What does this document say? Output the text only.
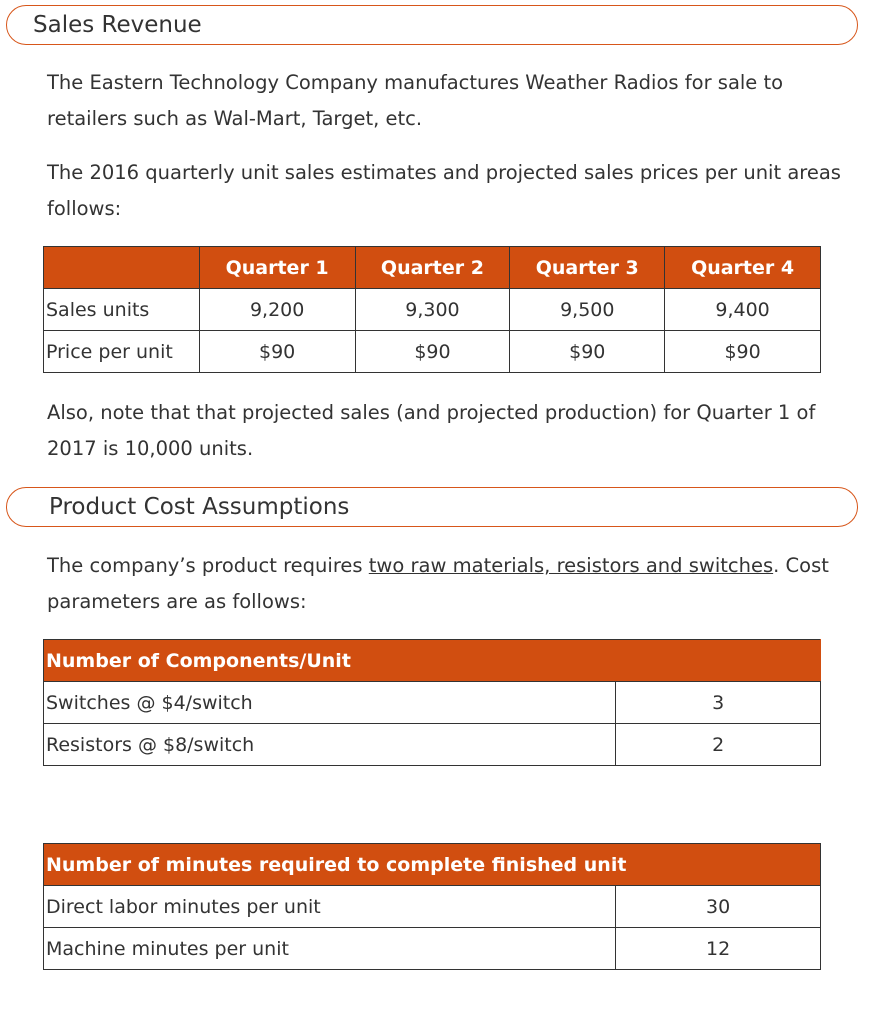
Sales Revenue
The Eastern Technology Company manufactures Weather Radios for sale to retailers such as Wal-Mart, Target, etc.
The 2016 quarterly unit sales estimates and projected sales prices per unit areas follows:
	Quarter 1	Quarter 2	Quarter 3	Quarter 4
Sales units	9,200	9,300	9,500	9,400
Price per unit	$90	$90	$90	$90
Also, note that that projected sales (and projected production) for Quarter 1 of 2017 is 10,000 units.
Product Cost Assumptions
The company’s product requires two raw materials, resistors and switches. Cost parameters are as follows:
Number of Components/Unit	
Switches @ $4/switch	3
Resistors @ $8/switch	2
Number of minutes required to complete finished unit	
Direct labor minutes per unit	30
Machine minutes per unit	12
